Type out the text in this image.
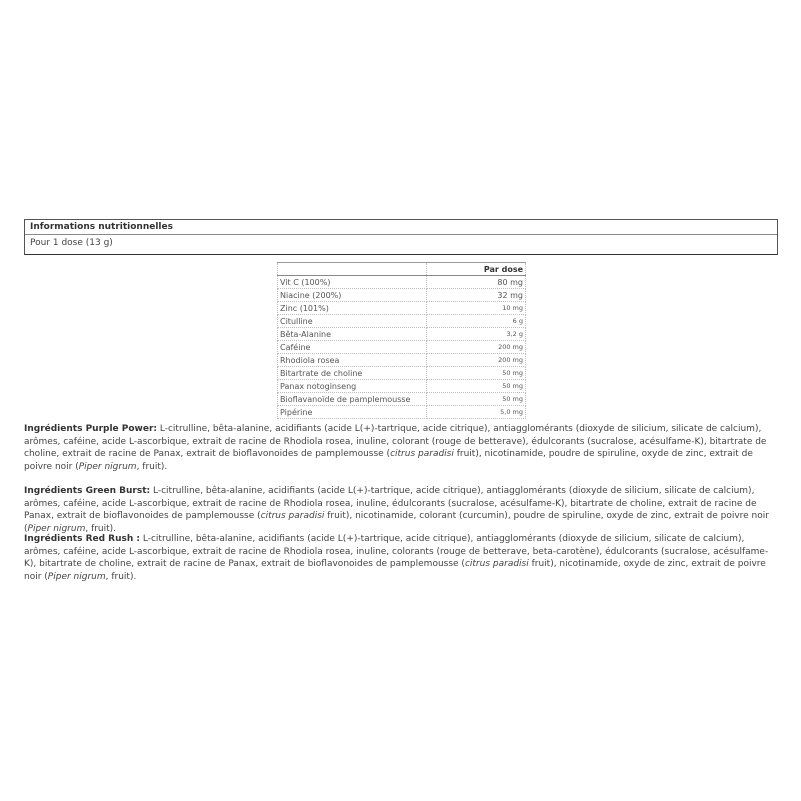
Informations nutritionnelles
Pour 1 dose (13 g)
	Par dose
Vit C (100%)	80 mg
Niacine (200%)	32 mg
Zinc (101%)	10 mg
Citulline	6 g
Bêta-Alanine	3,2 g
Caféine	200 mg
Rhodiola rosea	200 mg
Bitartrate de choline	50 mg
Panax notoginseng	50 mg
Bioflavanoïde de pamplemousse	50 mg
Pipérine	5,0 mg

Ingrédients Purple Power: L-citrulline, bêta-alanine, acidifiants (acide L(+)-tartrique, acide citrique), antiagglomérants (dioxyde de silicium, silicate de calcium), arômes, caféine, acide L-ascorbique, extrait de racine de Rhodiola rosea, inuline, colorant (rouge de betterave), édulcorants (sucralose, acésulfame-K), bitartrate de choline, extrait de racine de Panax, extrait de bioflavonoides de pamplemousse (citrus paradisi fruit), nicotinamide, poudre de spiruline, oxyde de zinc, extrait de poivre noir (Piper nigrum, fruit).

Ingrédients Green Burst: L-citrulline, bêta-alanine, acidifiants (acide L(+)-tartrique, acide citrique), antiagglomérants (dioxyde de silicium, silicate de calcium), arômes, caféine, acide L-ascorbique, extrait de racine de Rhodiola rosea, inuline, édulcorants (sucralose, acésulfame-K), bitartrate de choline, extrait de racine de Panax, extrait de bioflavonoides de pamplemousse (citrus paradisi fruit), nicotinamide, colorant (curcumin), poudre de spiruline, oxyde de zinc, extrait de poivre noir (Piper nigrum, fruit).

Ingrédients Red Rush : L-citrulline, bêta-alanine, acidifiants (acide L(+)-tartrique, acide citrique), antiagglomérants (dioxyde de silicium, silicate de calcium), arômes, caféine, acide L-ascorbique, extrait de racine de Rhodiola rosea, inuline, colorants (rouge de betterave, beta-carotène), édulcorants (sucralose, acésulfame-K), bitartrate de choline, extrait de racine de Panax, extrait de bioflavonoides de pamplemousse (citrus paradisi fruit), nicotinamide, oxyde de zinc, extrait de poivre noir (Piper nigrum, fruit).
